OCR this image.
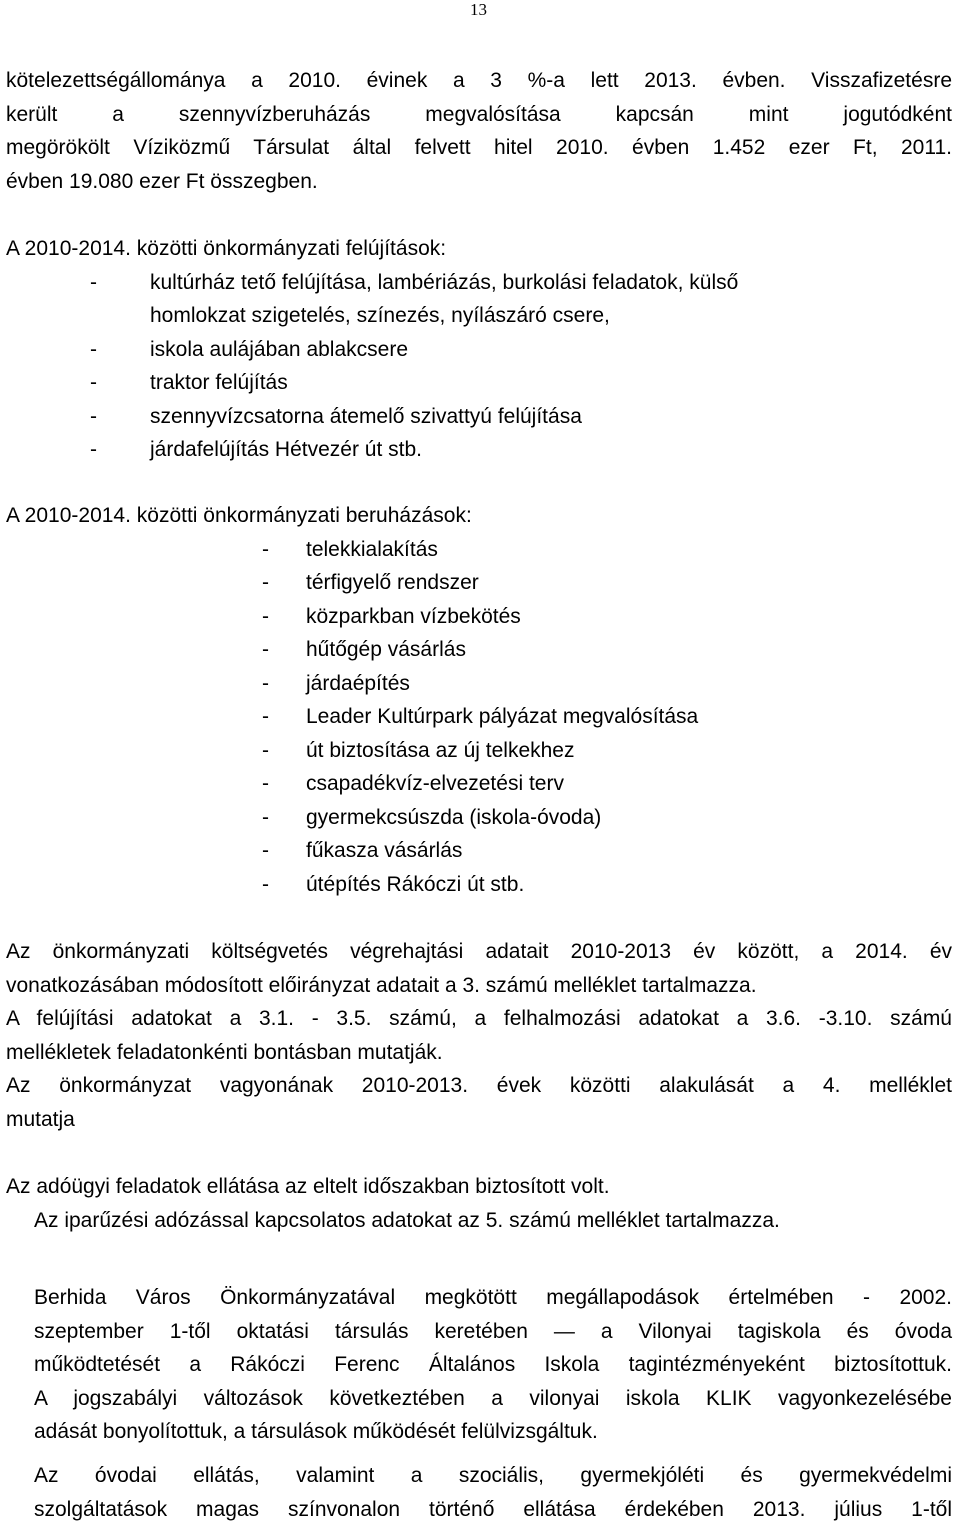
13
kötelezettségállománya a 2010. évinek a 3 %-a lett 2013. évben. Visszafizetésre
került a szennyvízberuházás megvalósítása kapcsán mint jogutódként
megörökölt Víziközmű Társulat által felvett hitel 2010. évben 1.452 ezer Ft, 2011.
évben 19.080 ezer Ft összegben.
A 2010-2014. közötti önkormányzati felújítások:
-	kultúrház tető felújítása, lambériázás, burkolási feladatok, külső
homlokzat szigetelés, színezés, nyílászáró csere,
-	iskola aulájában ablakcsere
-	traktor felújítás
-	szennyvízcsatorna átemelő szivattyú felújítása
-	járdafelújítás Hétvezér út stb.
A 2010-2014. közötti önkormányzati beruházások:
-	telekkialakítás
-	térfigyelő rendszer
-	közparkban vízbekötés
-	hűtőgép vásárlás
-	járdaépítés
-	Leader Kultúrpark pályázat megvalósítása
-	út biztosítása az új telkekhez
-	csapadékvíz-elvezetési terv
-	gyermekcsúszda (iskola-óvoda)
-	fűkasza vásárlás
-	útépítés Rákóczi út stb.
Az önkormányzati költségvetés végrehajtási adatait 2010-2013 év között, a 2014. év
vonatkozásában módosított előirányzat adatait a 3. számú melléklet tartalmazza.
A felújítási adatokat a 3.1. - 3.5. számú, a felhalmozási adatokat a 3.6. -3.10. számú
mellékletek feladatonkénti bontásban mutatják.
Az önkormányzat vagyonának 2010-2013. évek közötti alakulását a 4. melléklet
mutatja
Az adóügyi feladatok ellátása az eltelt időszakban biztosított volt.
Az iparűzési adózással kapcsolatos adatokat az 5. számú melléklet tartalmazza.
Berhida Város Önkormányzatával megkötött megállapodások értelmében - 2002.
szeptember 1-től oktatási társulás keretében — a Vilonyai tagiskola és óvoda
működtetését a Rákóczi Ferenc Általános Iskola tagintézményeként biztosítottuk.
A jogszabályi változások következtében a vilonyai iskola KLIK vagyonkezelésébe
adását bonyolítottuk, a társulások működését felülvizsgáltuk.
Az óvodai ellátás, valamint a szociális, gyermekjóléti és gyermekvédelmi
szolgáltatások magas színvonalon történő ellátása érdekében 2013. július 1-től
